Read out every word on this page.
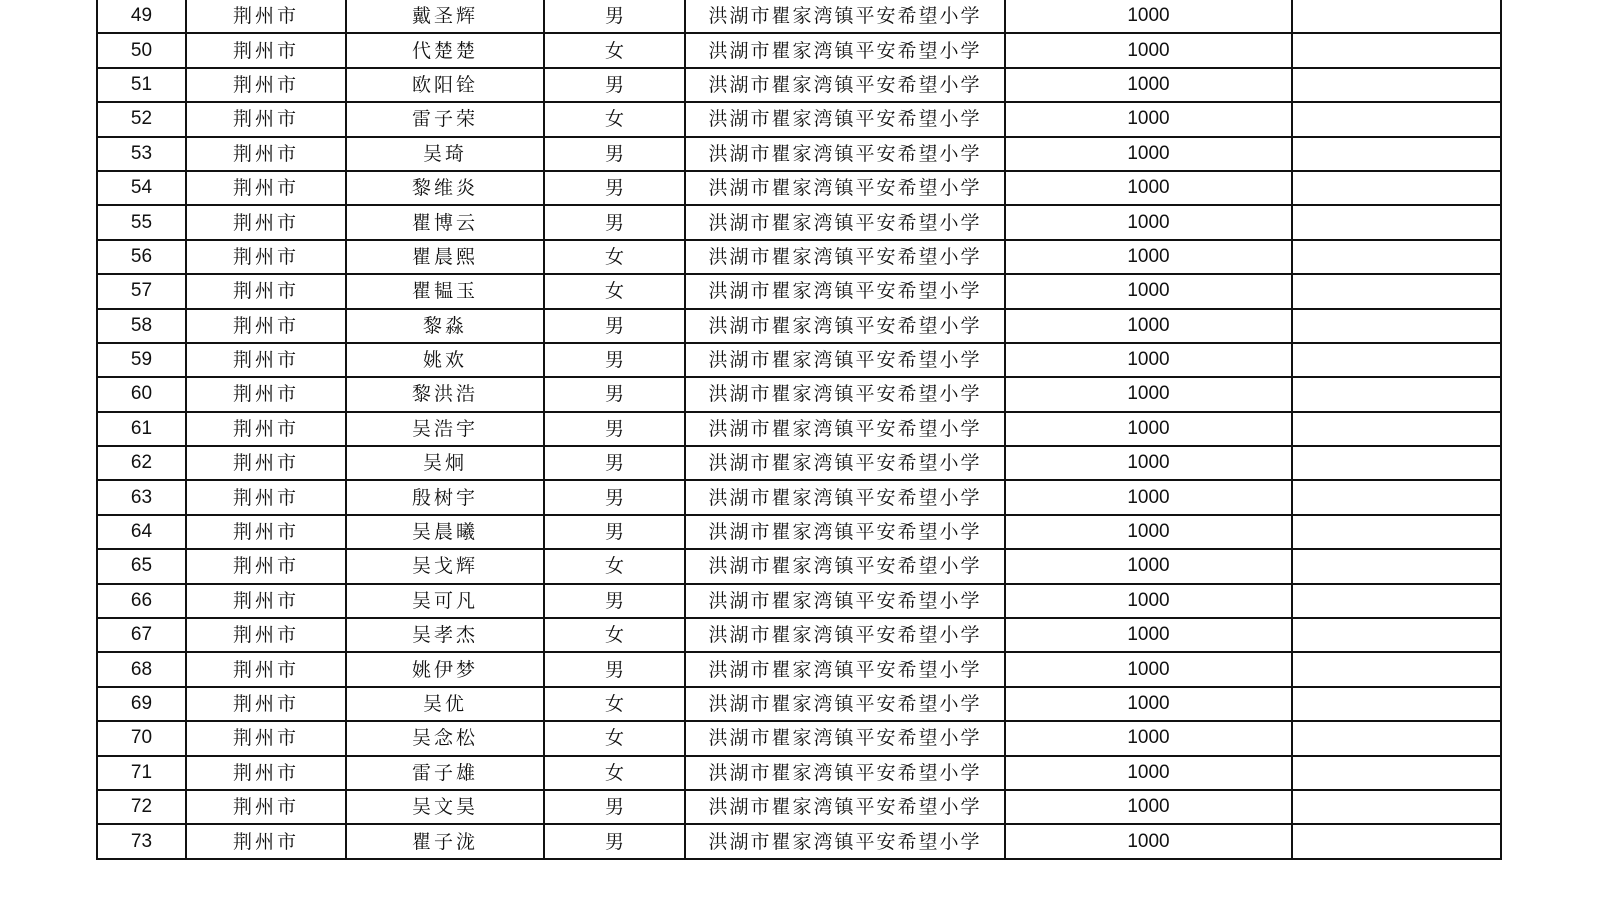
49	荆州市	戴圣辉	男	洪湖市瞿家湾镇平安希望小学	1000	
50	荆州市	代楚楚	女	洪湖市瞿家湾镇平安希望小学	1000	
51	荆州市	欧阳铨	男	洪湖市瞿家湾镇平安希望小学	1000	
52	荆州市	雷子荣	女	洪湖市瞿家湾镇平安希望小学	1000	
53	荆州市	吴琦	男	洪湖市瞿家湾镇平安希望小学	1000	
54	荆州市	黎维炎	男	洪湖市瞿家湾镇平安希望小学	1000	
55	荆州市	瞿博云	男	洪湖市瞿家湾镇平安希望小学	1000	
56	荆州市	瞿晨熙	女	洪湖市瞿家湾镇平安希望小学	1000	
57	荆州市	瞿韫玉	女	洪湖市瞿家湾镇平安希望小学	1000	
58	荆州市	黎淼	男	洪湖市瞿家湾镇平安希望小学	1000	
59	荆州市	姚欢	男	洪湖市瞿家湾镇平安希望小学	1000	
60	荆州市	黎洪浩	男	洪湖市瞿家湾镇平安希望小学	1000	
61	荆州市	吴浩宇	男	洪湖市瞿家湾镇平安希望小学	1000	
62	荆州市	吴炯	男	洪湖市瞿家湾镇平安希望小学	1000	
63	荆州市	殷树宇	男	洪湖市瞿家湾镇平安希望小学	1000	
64	荆州市	吴晨曦	男	洪湖市瞿家湾镇平安希望小学	1000	
65	荆州市	吴戈辉	女	洪湖市瞿家湾镇平安希望小学	1000	
66	荆州市	吴可凡	男	洪湖市瞿家湾镇平安希望小学	1000	
67	荆州市	吴孝杰	女	洪湖市瞿家湾镇平安希望小学	1000	
68	荆州市	姚伊梦	男	洪湖市瞿家湾镇平安希望小学	1000	
69	荆州市	吴优	女	洪湖市瞿家湾镇平安希望小学	1000	
70	荆州市	吴念松	女	洪湖市瞿家湾镇平安希望小学	1000	
71	荆州市	雷子雄	女	洪湖市瞿家湾镇平安希望小学	1000	
72	荆州市	吴文昊	男	洪湖市瞿家湾镇平安希望小学	1000	
73	荆州市	瞿子泷	男	洪湖市瞿家湾镇平安希望小学	1000	
